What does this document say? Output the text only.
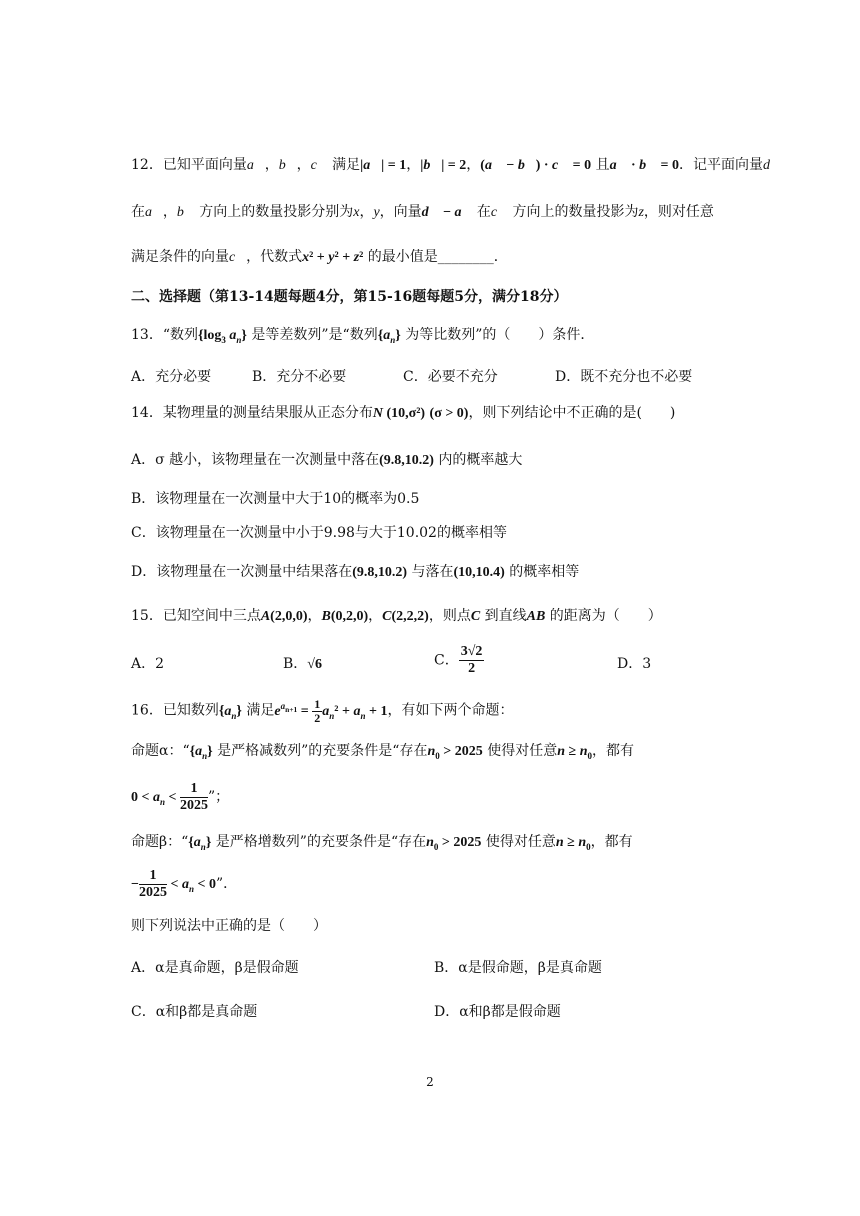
12．已知平面向量a⃗，b⃗，c⃗ 满足|a⃗| = 1，|b⃗| = 2，(a⃗ − b⃗) · c⃗ = 0 且a⃗ · b⃗ = 0．记平面向量d⃗
在a⃗，b⃗ 方向上的数量投影分别为x，y，向量d⃗ − a⃗ 在c⃗ 方向上的数量投影为z，则对任意
满足条件的向量c⃗，代数式x² + y² + z² 的最小值是________．
二、选择题（第13-14题每题4分，第15-16题每题5分，满分18分）
13．“数列{$\log_3$ $a_n$} 是等差数列”是“数列$\{a_n\}$ 为等比数列”的（　　）条件．
A．充分必要	B．充分不必要	C．必要不充分	D．既不充分也不必要
14．某物理量的测量结果服从正态分布N (10,σ²) (σ > 0)，则下列结论中不正确的是(　　)
A．σ 越小，该物理量在一次测量中落在(9.8,10.2) 内的概率越大
B．该物理量在一次测量中大于10的概率为0.5
C．该物理量在一次测量中小于9.98与大于10.02的概率相等
D．该物理量在一次测量中结果落在(9.8,10.2) 与落在(10,10.4) 的概率相等
15．已知空间中三点A(2,0,0)，B(0,2,0)，C(2,2,2)，则点C 到直线AB 的距离为（　　）
A．2	B．√6	C． $\frac{3√2}{2}$	D．3
16．已知数列$\{a_n\}$ 满足$e^{a_{n+1}} = \frac{1}{2} a_n^2 + a_n + 1$，有如下两个命题：
命题α：“$\{a_n\}$ 是严格减数列”的充要条件是“存在$n_0 > 2025$ 使得对任意$n \ge n_0$，都有
$0 < a_n < \frac{1}{2025}$ ”；
命题β：“$\{a_n\}$ 是严格增数列”的充要条件是“存在$n_0 > 2025$ 使得对任意$n \ge n_0$，都有
− $\frac{1}{2025} < a_n < 0$”．
则下列说法中正确的是（　　）
A．α是真命题，β是假命题	B．α是假命题，β是真命题
C．α和β都是真命题	D．α和β都是假命题
2
